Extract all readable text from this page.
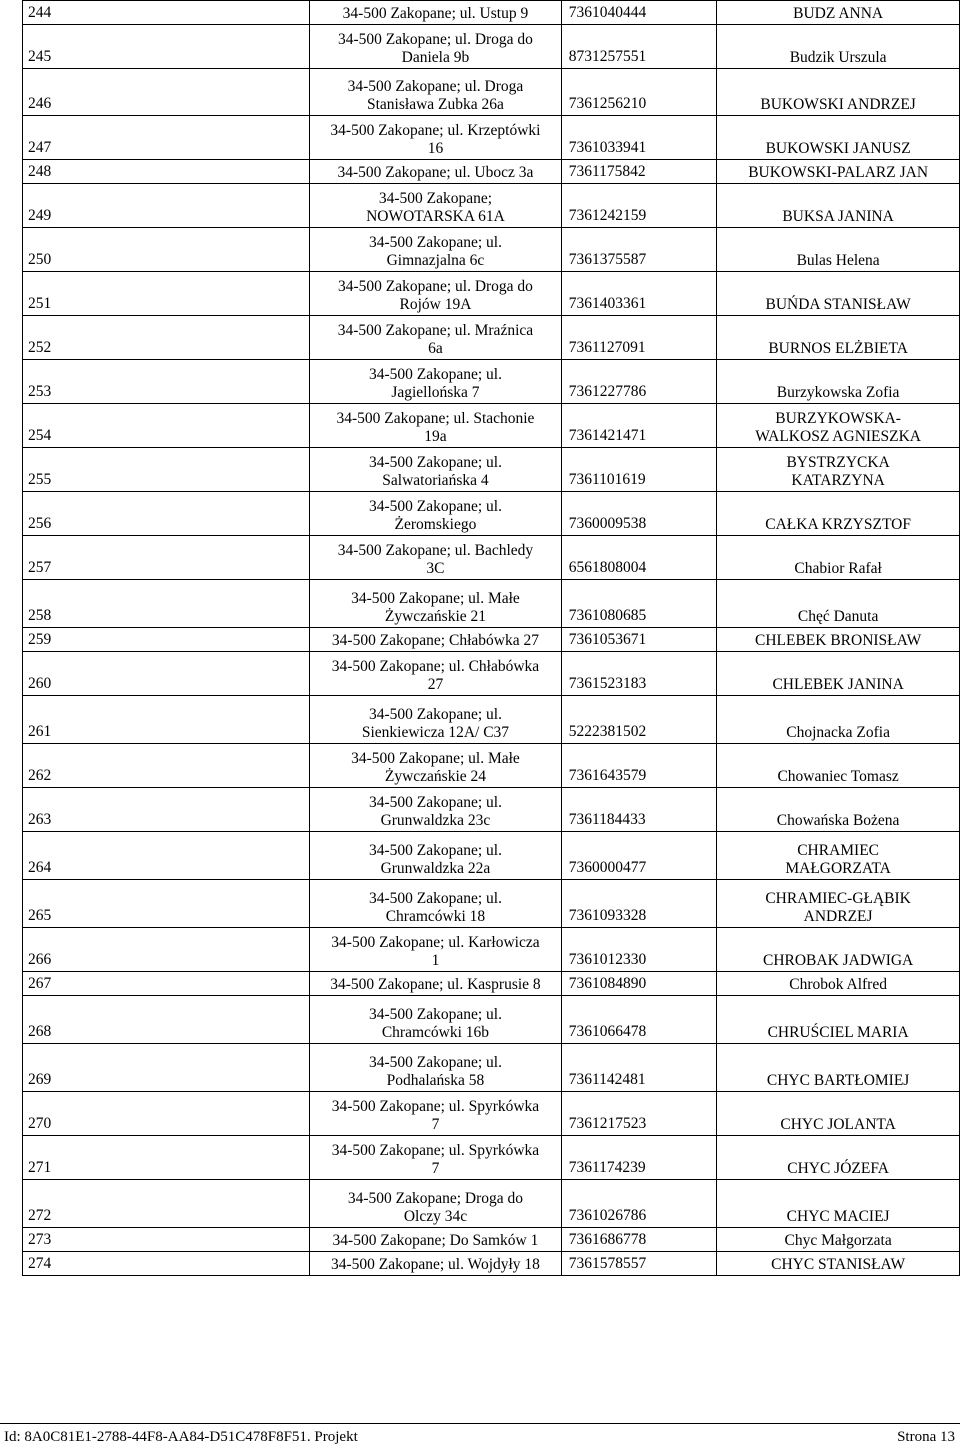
244	34-500 Zakopane; ul. Ustup 9	7361040444	BUDZ ANNA

245	34-500 Zakopane; ul. Droga do
Daniela 9b	8731257551	Budzik Urszula

246	34-500 Zakopane; ul. Droga
Stanisława Zubka 26a	7361256210	BUKOWSKI ANDRZEJ

247	34-500 Zakopane; ul. Krzeptówki
16	7361033941	BUKOWSKI JANUSZ

248	34-500 Zakopane; ul. Ubocz 3a	7361175842	BUKOWSKI-PALARZ JAN

249	34-500 Zakopane;
NOWOTARSKA 61A	7361242159	BUKSA JANINA

250	34-500 Zakopane; ul.
Gimnazjalna 6c	7361375587	Bulas Helena

251	34-500 Zakopane; ul. Droga do
Rojów 19A	7361403361	BUŃDA STANISŁAW

252	34-500 Zakopane; ul. Mraźnica
6a	7361127091	BURNOS ELŻBIETA

253	34-500 Zakopane; ul.
Jagiellońska 7	7361227786	Burzykowska Zofia

254	34-500 Zakopane; ul. Stachonie
19a	7361421471	BURZYKOWSKA-
WALKOSZ AGNIESZKA

255	34-500 Zakopane; ul.
Salwatoriańska 4	7361101619	BYSTRZYCKA
KATARZYNA

256	34-500 Zakopane; ul.
Żeromskiego	7360009538	CAŁKA KRZYSZTOF

257	34-500 Zakopane; ul. Bachledy
3C	6561808004	Chabior Rafał

258	34-500 Zakopane; ul. Małe
Żywczańskie 21	7361080685	Chęć Danuta

259	34-500 Zakopane; Chłabówka 27	7361053671	CHLEBEK BRONISŁAW

260	34-500 Zakopane; ul. Chłabówka
27	7361523183	CHLEBEK JANINA

261	34-500 Zakopane; ul.
Sienkiewicza 12A/ C37	5222381502	Chojnacka Zofia

262	34-500 Zakopane; ul. Małe
Żywczańskie 24	7361643579	Chowaniec Tomasz

263	34-500 Zakopane; ul.
Grunwaldzka 23c	7361184433	Chowańska Bożena

264	34-500 Zakopane; ul.
Grunwaldzka 22a	7360000477	CHRAMIEC
MAŁGORZATA

265	34-500 Zakopane; ul.
Chramcówki 18	7361093328	CHRAMIEC-GŁĄBIK
ANDRZEJ

266	34-500 Zakopane; ul. Karłowicza
1	7361012330	CHROBAK JADWIGA

267	34-500 Zakopane; ul. Kasprusie 8	7361084890	Chrobok Alfred

268	34-500 Zakopane; ul.
Chramcówki 16b	7361066478	CHRUŚCIEL MARIA

269	34-500 Zakopane; ul.
Podhalańska 58	7361142481	CHYC BARTŁOMIEJ

270	34-500 Zakopane; ul. Spyrkówka
7	7361217523	CHYC JOLANTA

271	34-500 Zakopane; ul. Spyrkówka
7	7361174239	CHYC JÓZEFA

272	34-500 Zakopane; Droga do
Olczy 34c	7361026786	CHYC MACIEJ

273	34-500 Zakopane; Do Samków 1	7361686778	Chyc Małgorzata

274	34-500 Zakopane; ul. Wojdyły 18	7361578557	CHYC STANISŁAW
Id: 8A0C81E1-2788-44F8-AA84-D51C478F8F51. Projekt	Strona 13
